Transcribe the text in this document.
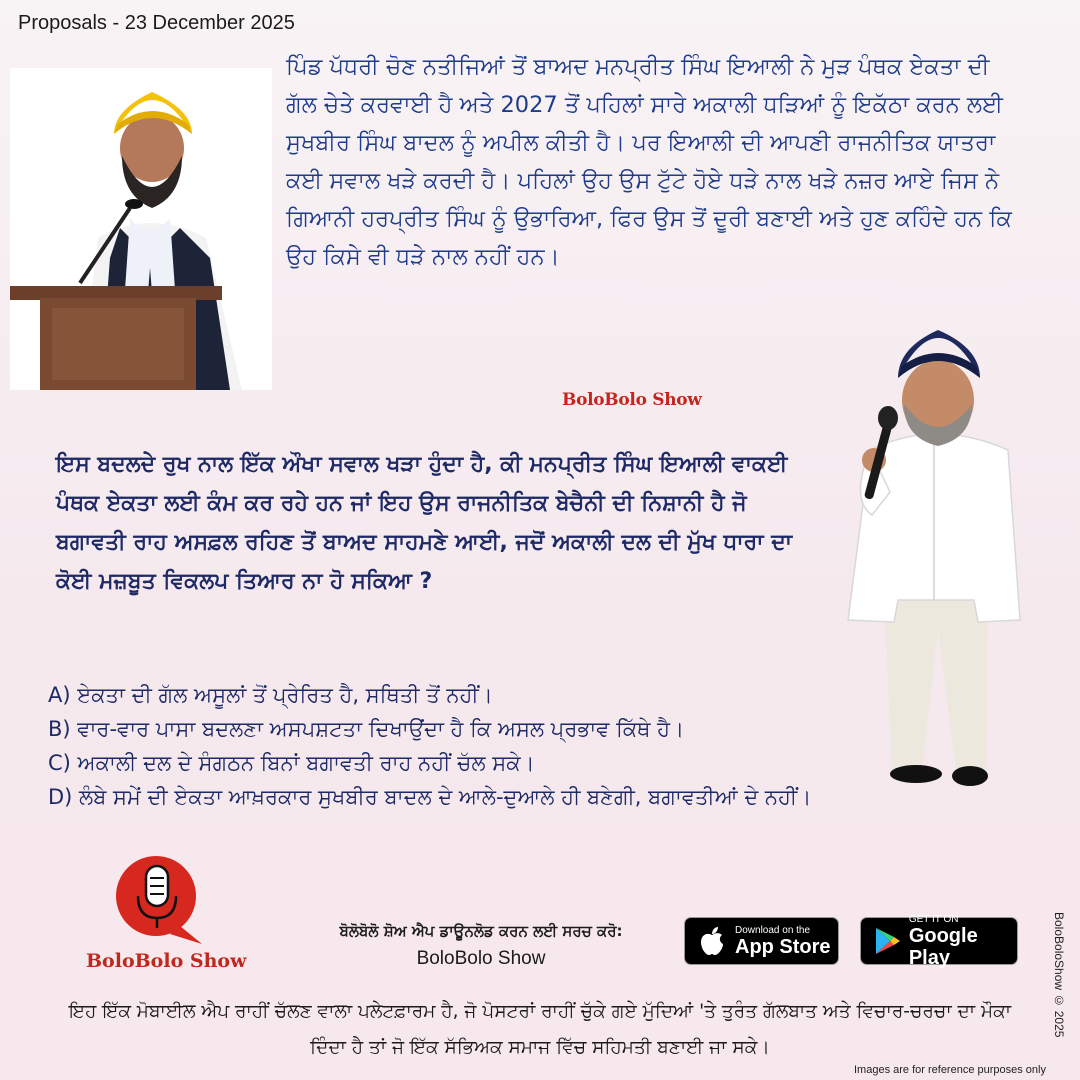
Proposals - 23 December 2025
ਪਿੰਡ ਪੱਧਰੀ ਚੋਣ ਨਤੀਜਿਆਂ ਤੋਂ ਬਾਅਦ ਮਨਪ੍ਰੀਤ ਸਿੰਘ ਇਆਲੀ ਨੇ ਮੁੜ ਪੰਥਕ ਏਕਤਾ ਦੀ ਗੱਲ ਚੇਤੇ ਕਰਵਾਈ ਹੈ ਅਤੇ 2027 ਤੋਂ ਪਹਿਲਾਂ ਸਾਰੇ ਅਕਾਲੀ ਧੜਿਆਂ ਨੂੰ ਇਕੱਠਾ ਕਰਨ ਲਈ ਸੁਖਬੀਰ ਸਿੰਘ ਬਾਦਲ ਨੂੰ ਅਪੀਲ ਕੀਤੀ ਹੈ। ਪਰ ਇਆਲੀ ਦੀ ਆਪਣੀ ਰਾਜਨੀਤਿਕ ਯਾਤਰਾ ਕਈ ਸਵਾਲ ਖੜੇ ਕਰਦੀ ਹੈ। ਪਹਿਲਾਂ ਉਹ ਉਸ ਟੁੱਟੇ ਹੋਏ ਧੜੇ ਨਾਲ ਖੜੇ ਨਜ਼ਰ ਆਏ ਜਿਸ ਨੇ ਗਿਆਨੀ ਹਰਪ੍ਰੀਤ ਸਿੰਘ ਨੂੰ ਉਭਾਰਿਆ, ਫਿਰ ਉਸ ਤੋਂ ਦੂਰੀ ਬਣਾਈ ਅਤੇ ਹੁਣ ਕਹਿੰਦੇ ਹਨ ਕਿ ਉਹ ਕਿਸੇ ਵੀ ਧੜੇ ਨਾਲ ਨਹੀਂ ਹਨ।
BoloBolo Show
ਇਸ ਬਦਲਦੇ ਰੁਖ ਨਾਲ ਇੱਕ ਔਖਾ ਸਵਾਲ ਖੜਾ ਹੁੰਦਾ ਹੈ, ਕੀ ਮਨਪ੍ਰੀਤ ਸਿੰਘ ਇਆਲੀ ਵਾਕਈ ਪੰਥਕ ਏਕਤਾ ਲਈ ਕੰਮ ਕਰ ਰਹੇ ਹਨ ਜਾਂ ਇਹ ਉਸ ਰਾਜਨੀਤਿਕ ਬੇਚੈਨੀ ਦੀ ਨਿਸ਼ਾਨੀ ਹੈ ਜੋ ਬਗਾਵਤੀ ਰਾਹ ਅਸਫ਼ਲ ਰਹਿਣ ਤੋਂ ਬਾਅਦ ਸਾਹਮਣੇ ਆਈ, ਜਦੋਂ ਅਕਾਲੀ ਦਲ ਦੀ ਮੁੱਖ ਧਾਰਾ ਦਾ ਕੋਈ ਮਜ਼ਬੂਤ ਵਿਕਲਪ ਤਿਆਰ ਨਾ ਹੋ ਸਕਿਆ ?
A) ਏਕਤਾ ਦੀ ਗੱਲ ਅਸੂਲਾਂ ਤੋਂ ਪ੍ਰੇਰਿਤ ਹੈ, ਸਥਿਤੀ ਤੋਂ ਨਹੀਂ।
B) ਵਾਰ-ਵਾਰ ਪਾਸਾ ਬਦਲਣਾ ਅਸਪਸ਼ਟਤਾ ਦਿਖਾਉਂਦਾ ਹੈ ਕਿ ਅਸਲ ਪ੍ਰਭਾਵ ਕਿੱਥੇ ਹੈ।
C) ਅਕਾਲੀ ਦਲ ਦੇ ਸੰਗਠਨ ਬਿਨਾਂ ਬਗਾਵਤੀ ਰਾਹ ਨਹੀਂ ਚੱਲ ਸਕੇ।
D) ਲੰਬੇ ਸਮੇਂ ਦੀ ਏਕਤਾ ਆਖ਼ਰਕਾਰ ਸੁਖਬੀਰ ਬਾਦਲ ਦੇ ਆਲੇ-ਦੁਆਲੇ ਹੀ ਬਣੇਗੀ, ਬਗਾਵਤੀਆਂ ਦੇ ਨਹੀਂ।
BoloBolo Show
ਬੋਲੋਬੋਲੋ ਸ਼ੋਅ ਐਪ ਡਾਊਨਲੋਡ ਕਰਨ ਲਈ ਸਰਚ ਕਰੋ:
BoloBolo Show
Download on the
App Store
GET IT ON
Google Play
ਇਹ ਇੱਕ ਮੋਬਾਈਲ ਐਪ ਰਾਹੀਂ ਚੱਲਣ ਵਾਲਾ ਪਲੇਟਫ਼ਾਰਮ ਹੈ, ਜੋ ਪੋਸਟਰਾਂ ਰਾਹੀਂ ਚੁੱਕੇ ਗਏ ਮੁੱਦਿਆਂ 'ਤੇ ਤੁਰੰਤ ਗੱਲਬਾਤ ਅਤੇ ਵਿਚਾਰ-ਚਰਚਾ ਦਾ ਮੌਕਾ ਦਿੰਦਾ ਹੈ ਤਾਂ ਜੋ ਇੱਕ ਸੱਭਿਅਕ ਸਮਾਜ ਵਿੱਚ ਸਹਿਮਤੀ ਬਣਾਈ ਜਾ ਸਕੇ।
BoloBoloShow © 2025
Images are for reference purposes only
